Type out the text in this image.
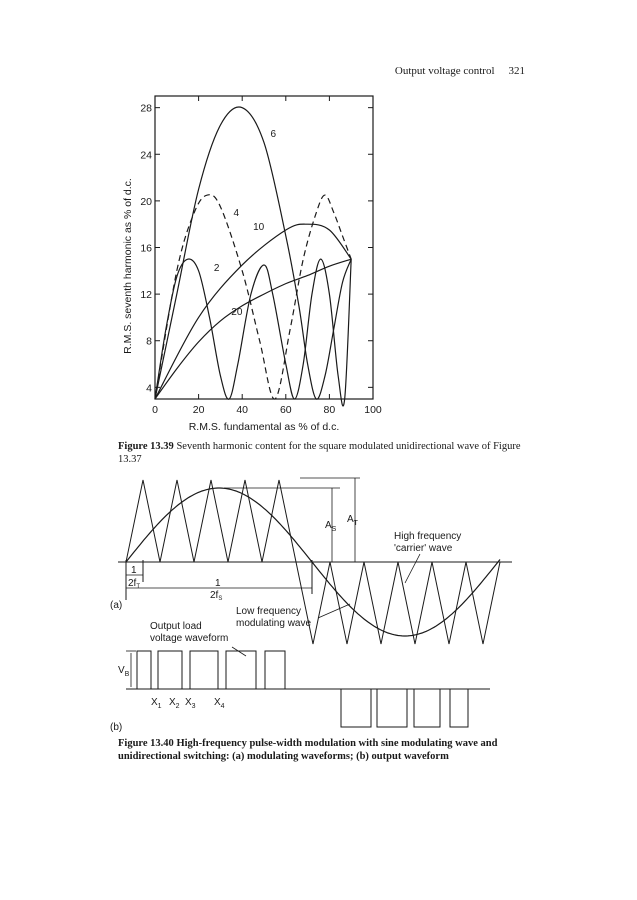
Output voltage control 321
0	20	40	60	80	100
4
8
12
16
20
24
28
6
4
10
2
20
R.M.S. fundamental as % of d.c.
R.M.S. seventh harmonic as % of d.c.
$A_S$
$A_T$
High frequency
'carrier' wave
1
$2f_T$	1
$2f_S$
(a)
Low frequency
modulating wave
Output load
voltage waveform
$V_B$
$X_1$ $X_2$ $X_3$ $X_4$
(b)
Figure 13.39 Seventh harmonic content for the square modulated unidirectional wave of Figure 13.37
Figure 13.40 High-frequency pulse-width modulation with sine modulating wave and
unidirectional switching: (a) modulating waveforms; (b) output waveform
